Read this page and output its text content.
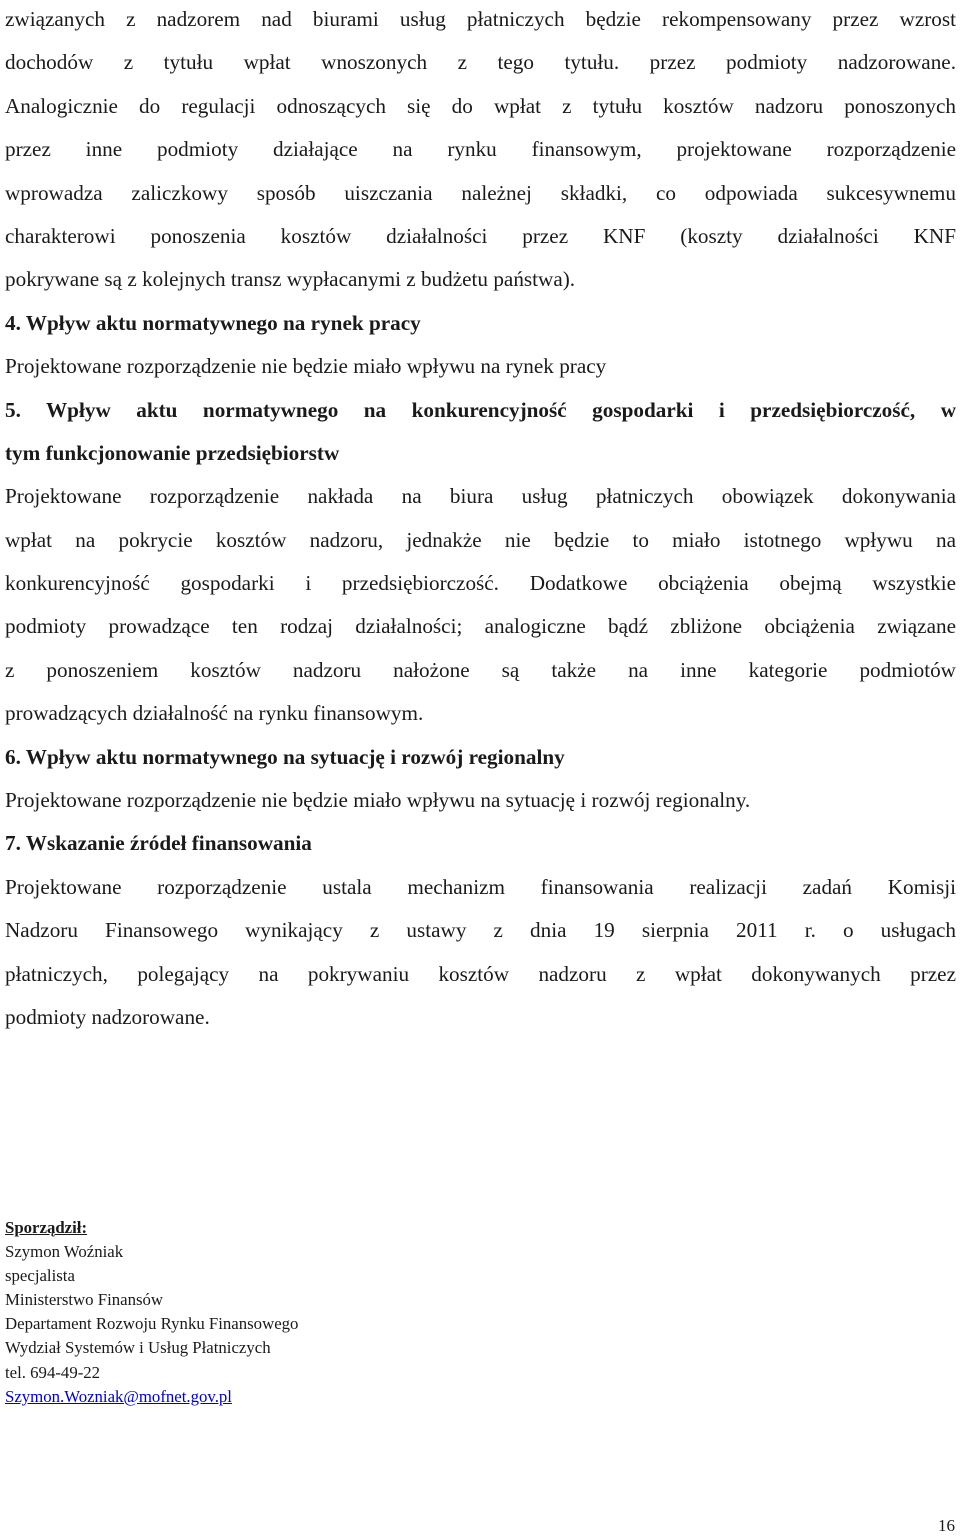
związanych z nadzorem nad biurami usług płatniczych będzie rekompensowany przez wzrost
dochodów z tytułu wpłat wnoszonych z tego tytułu. przez podmioty nadzorowane.
Analogicznie do regulacji odnoszących się do wpłat z tytułu kosztów nadzoru ponoszonych
przez inne podmioty działające na rynku finansowym, projektowane rozporządzenie
wprowadza zaliczkowy sposób uiszczania należnej składki, co odpowiada sukcesywnemu
charakterowi ponoszenia kosztów działalności przez KNF (koszty działalności KNF
pokrywane są z kolejnych transz wypłacanymi z budżetu państwa).
4. Wpływ aktu normatywnego na rynek pracy
Projektowane rozporządzenie nie będzie miało wpływu na rynek pracy
5. Wpływ aktu normatywnego na konkurencyjność gospodarki i przedsiębiorczość, w
tym funkcjonowanie przedsiębiorstw
Projektowane rozporządzenie nakłada na biura usług płatniczych obowiązek dokonywania
wpłat na pokrycie kosztów nadzoru, jednakże nie będzie to miało istotnego wpływu na
konkurencyjność gospodarki i przedsiębiorczość. Dodatkowe obciążenia obejmą wszystkie
podmioty prowadzące ten rodzaj działalności; analogiczne bądź zbliżone obciążenia związane
z ponoszeniem kosztów nadzoru nałożone są także na inne kategorie podmiotów
prowadzących działalność na rynku finansowym.
6. Wpływ aktu normatywnego na sytuację i rozwój regionalny
Projektowane rozporządzenie nie będzie miało wpływu na sytuację i rozwój regionalny.
7. Wskazanie źródeł finansowania
Projektowane rozporządzenie ustala mechanizm finansowania realizacji zadań Komisji
Nadzoru Finansowego wynikający z ustawy z dnia 19 sierpnia 2011 r. o usługach
płatniczych, polegający na pokrywaniu kosztów nadzoru z wpłat dokonywanych przez
podmioty nadzorowane.
Sporządził:
Szymon Woźniak
specjalista
Ministerstwo Finansów
Departament Rozwoju Rynku Finansowego
Wydział Systemów i Usług Płatniczych
tel. 694-49-22
Szymon.Wozniak@mofnet.gov.pl
16
